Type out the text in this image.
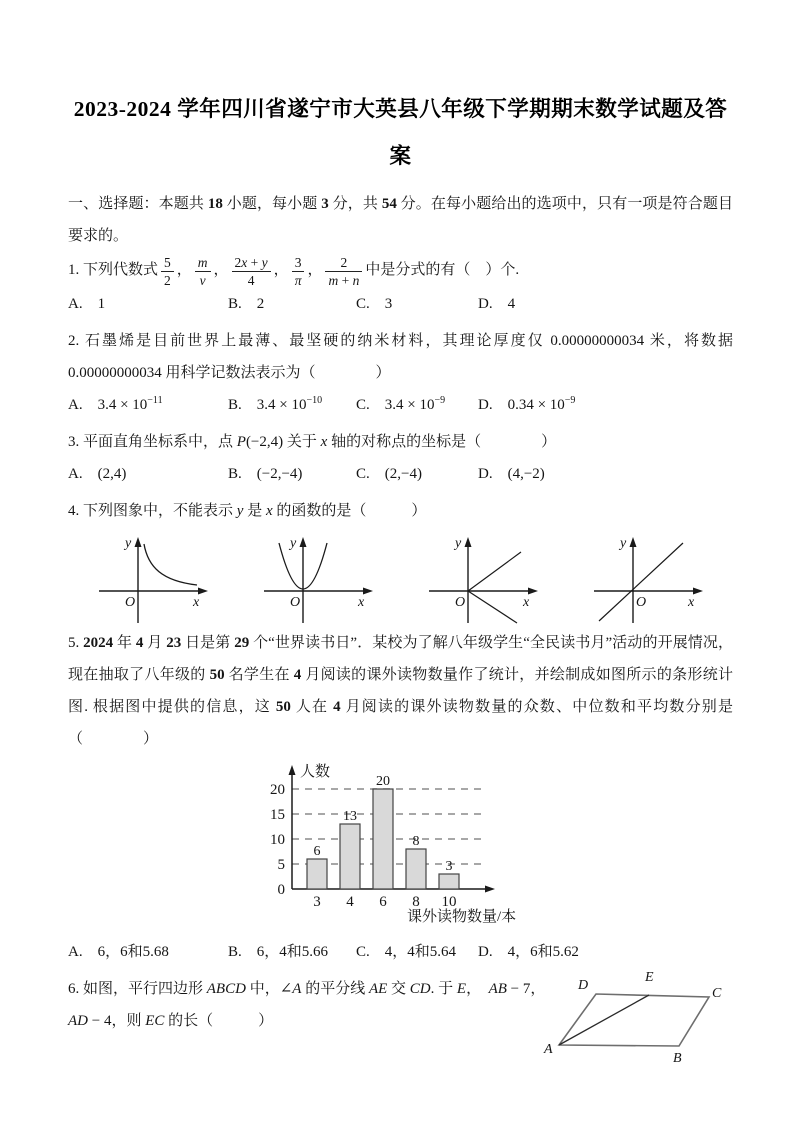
2023-2024 学年四川省遂宁市大英县八年级下学期期末数学试题及答
案

一、选择题：本题共 18 小题，每小题 3 分，共 54 分。在每小题给出的选项中，只有一项是符合题目要求的。

1. 下列代数式 $\frac{5}{2}$ ， $\frac{m}{v}$ ， $\frac{2x + y}{4}$ ， $\frac{3}{\pi}$ ， $\frac{2}{m + n}$ 中是分式的有（　）个.

A.　1	B.　2	C.　3	D.　4

2. 石墨烯是目前世界上最薄、最坚硬的纳米材料，其理论厚度仅 0.00000000034 米，将数据 0.00000000034 用科学记数法表示为（　　　　）

A.　$3.4 \times 10^{-11}$	B.　$3.4 \times 10^{-10}$	C.　$3.4 \times 10^{-9}$	D.　$0.34 \times 10^{-9}$

3. 平面直角坐标系中，点 P(−2,4) 关于 x 轴的对称点的坐标是（　　　　）

A.　(2,4)	B.　(−2,−4)	C.　(2,−4)	D.　(4,−2)

4. 下列图象中，不能表示 y 是 x 的函数的是（　　　）

y
O	x
y
O	x
y
O	x
y
O	x

5. 2024 年 4 月 23 日是第 29 个“世界读书日”．某校为了解八年级学生“全民读书月”活动的开展情况，现在抽取了八年级的 50 名学生在 4 月阅读的课外读物数量作了统计，并绘制成如图所示的条形统计图. 根据图中提供的信息，这 50 人在 4 月阅读的课外读物数量的众数、中位数和平均数分别是（　　　　）

0
5
10
15
20
6
3
13
4
20
6
8
8
3
10
人数
课外读物数量/本
A.　6，6和5.68	B.　6，4和5.66	C.　4，4和5.64	D.　4，6和5.62

6. 如图，平行四边形 ABCD 中，∠A 的平分线 AE 交 CD. 于 E，　AB − 7，

AD − 4，则 EC 的长（　　　）

D
E
C
A
B
